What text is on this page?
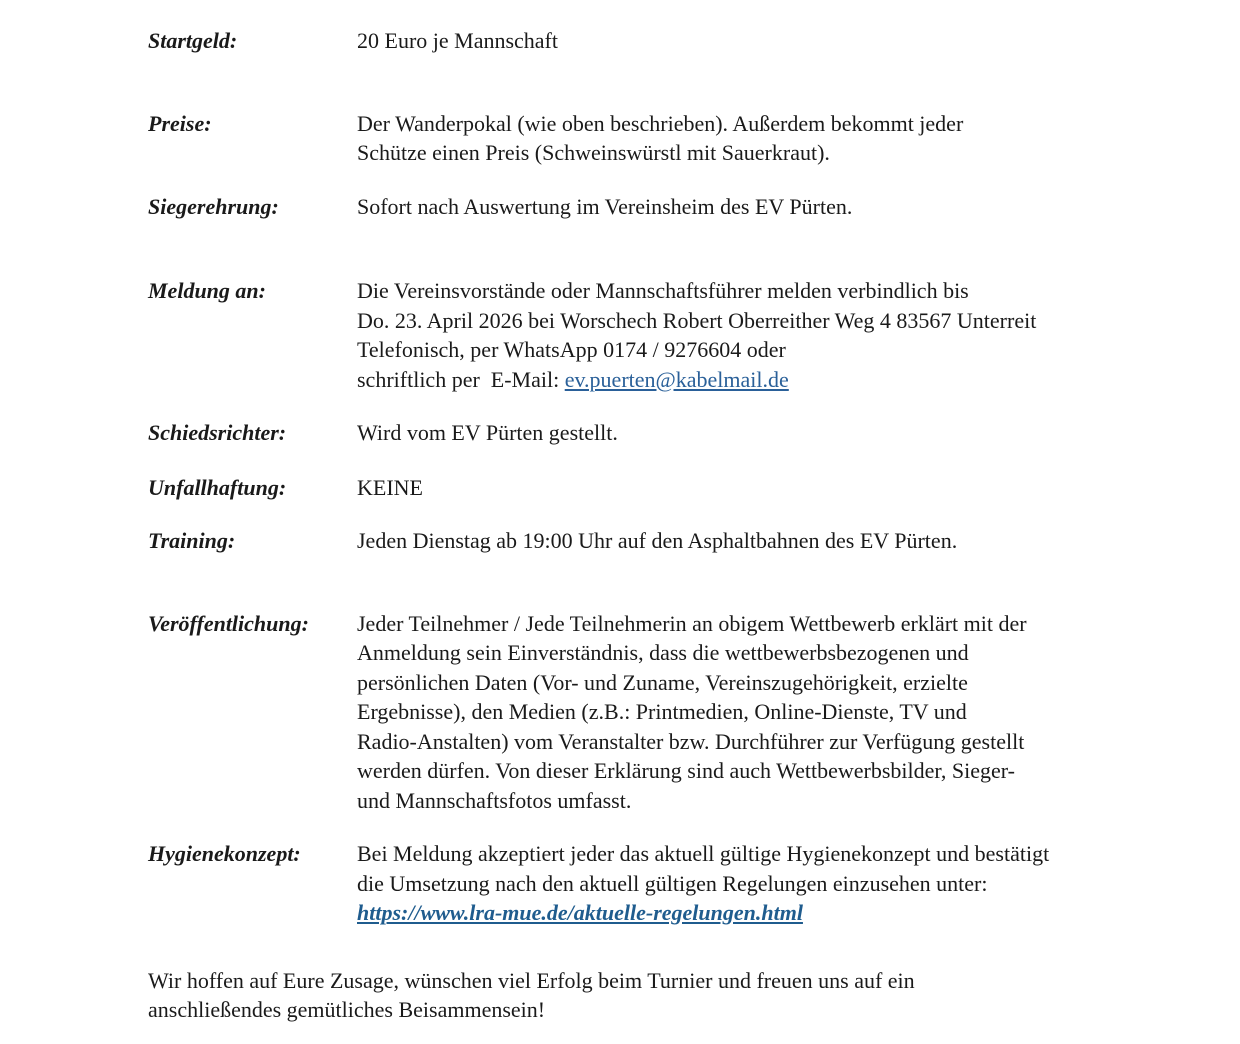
Startgeld:	20 Euro je Mannschaft
Preise:	Der Wanderpokal (wie oben beschrieben). Außerdem bekommt jeder
Schütze einen Preis (Schweinswürstl mit Sauerkraut).
Siegerehrung:	Sofort nach Auswertung im Vereinsheim des EV Pürten.
Meldung an:	Die Vereinsvorstände oder Mannschaftsführer melden verbindlich bis
Do. 23. April 2026 bei Worschech Robert Oberreither Weg 4 83567 Unterreit
Telefonisch, per WhatsApp 0174 / 9276604 oder
schriftlich per  E-Mail: ev.puerten@kabelmail.de
Schiedsrichter:	Wird vom EV Pürten gestellt.
Unfallhaftung:	KEINE
Training:	Jeden Dienstag ab 19:00 Uhr auf den Asphaltbahnen des EV Pürten.
Veröffentlichung:	Jeder Teilnehmer / Jede Teilnehmerin an obigem Wettbewerb erklärt mit der
Anmeldung sein Einverständnis, dass die wettbewerbsbezogenen und
persönlichen Daten (Vor- und Zuname, Vereinszugehörigkeit, erzielte
Ergebnisse), den Medien (z.B.: Printmedien, Online-Dienste, TV und
Radio-Anstalten) vom Veranstalter bzw. Durchführer zur Verfügung gestellt
werden dürfen. Von dieser Erklärung sind auch Wettbewerbsbilder, Sieger-
und Mannschaftsfotos umfasst.
Hygienekonzept:	Bei Meldung akzeptiert jeder das aktuell gültige Hygienekonzept und bestätigt
die Umsetzung nach den aktuell gültigen Regelungen einzusehen unter:
https://www.lra-mue.de/aktuelle-regelungen.html
Wir hoffen auf Eure Zusage, wünschen viel Erfolg beim Turnier und freuen uns auf ein
anschließendes gemütliches Beisammensein!
